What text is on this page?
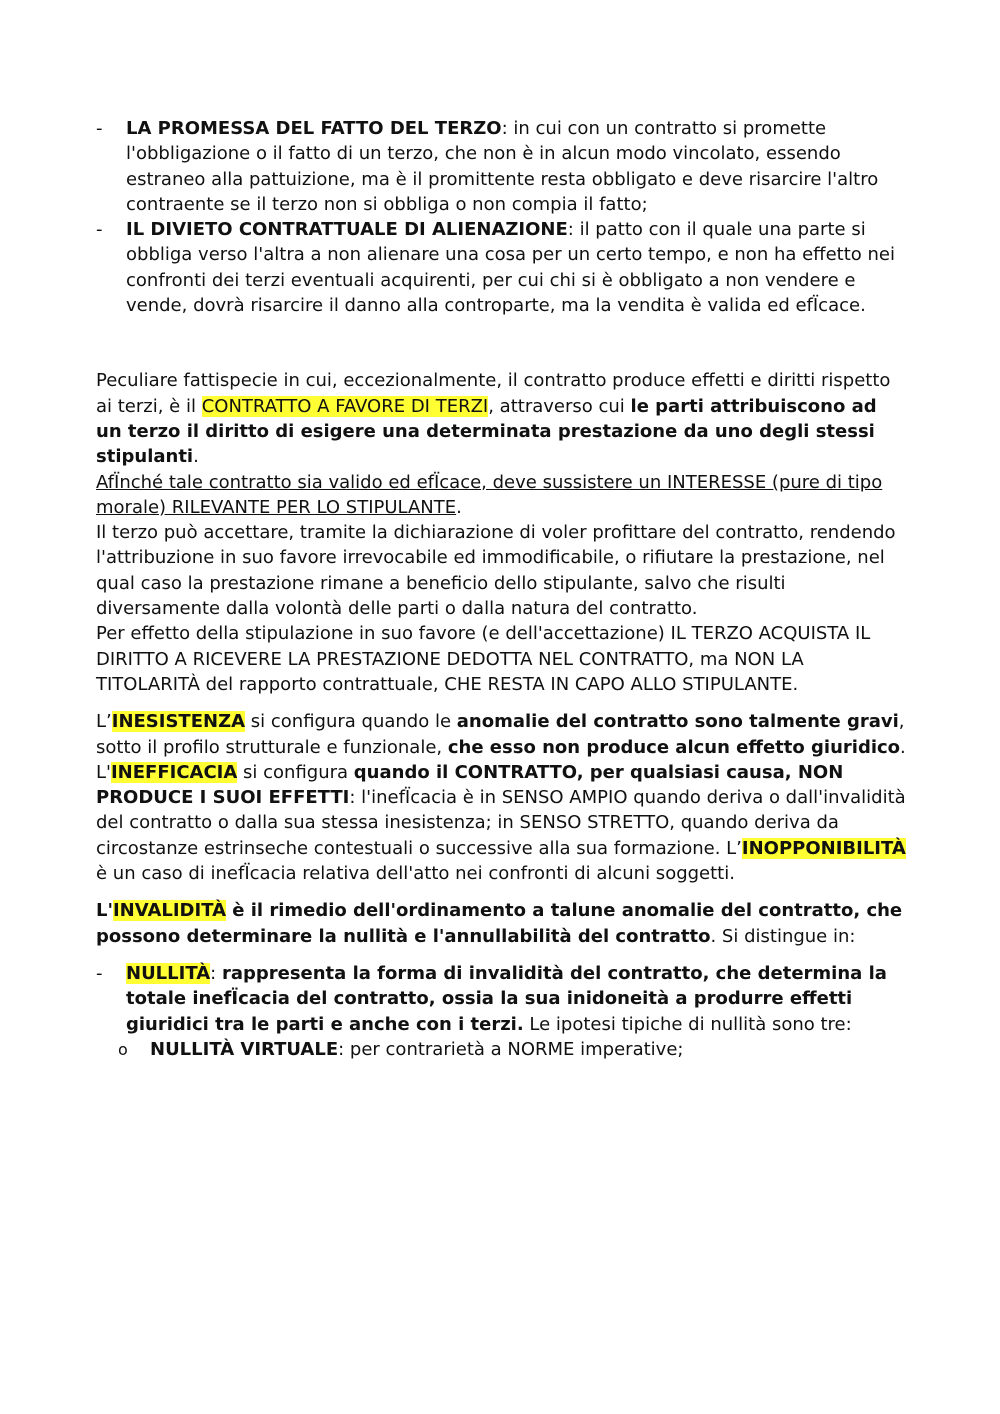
- LA PROMESSA DEL FATTO DEL TERZO: in cui con un contratto si promette l'obbligazione o il fatto di un terzo, che non è in alcun modo vincolato, essendo estraneo alla pattuizione, ma è il promittente resta obbligato e deve risarcire l'altro contraente se il terzo non si obbliga o non compia il fatto;
- IL DIVIETO CONTRATTUALE DI ALIENAZIONE: il patto con il quale una parte si obbliga verso l'altra a non alienare una cosa per un certo tempo, e non ha effetto nei confronti dei terzi eventuali acquirenti, per cui chi si è obbligato a non vendere e vende, dovrà risarcire il danno alla controparte, ma la vendita è valida ed efÏcace.

Peculiare fattispecie in cui, eccezionalmente, il contratto produce effetti e diritti rispetto ai terzi, è il CONTRATTO A FAVORE DI TERZI, attraverso cui le parti attribuiscono ad un terzo il diritto di esigere una determinata prestazione da uno degli stessi stipulanti.

AfÏnché tale contratto sia valido ed efÏcace, deve sussistere un INTERESSE (pure di tipo morale) RILEVANTE PER LO STIPULANTE.

Il terzo può accettare, tramite la dichiarazione di voler profittare del contratto, rendendo l'attribuzione in suo favore irrevocabile ed immodificabile, o rifiutare la prestazione, nel qual caso la prestazione rimane a beneficio dello stipulante, salvo che risulti diversamente dalla volontà delle parti o dalla natura del contratto.

Per effetto della stipulazione in suo favore (e dell'accettazione) IL TERZO ACQUISTA IL DIRITTO A RICEVERE LA PRESTAZIONE DEDOTTA NEL CONTRATTO, ma NON LA TITOLARITÀ del rapporto contrattuale, CHE RESTA IN CAPO ALLO STIPULANTE.

L’INESISTENZA si configura quando le anomalie del contratto sono talmente gravi, sotto il profilo strutturale e funzionale, che esso non produce alcun effetto giuridico.

L'INEFFICACIA si configura quando il CONTRATTO, per qualsiasi causa, NON PRODUCE I SUOI EFFETTI: l'inefÏcacia è in SENSO AMPIO quando deriva o dall'invalidità del contratto o dalla sua stessa inesistenza; in SENSO STRETTO, quando deriva da circostanze estrinseche contestuali o successive alla sua formazione. L’INOPPONIBILITÀ è un caso di inefÏcacia relativa dell'atto nei confronti di alcuni soggetti.

L'INVALIDITÀ è il rimedio dell'ordinamento a talune anomalie del contratto, che possono determinare la nullità e l'annullabilità del contratto. Si distingue in:

- NULLITÀ: rappresenta la forma di invalidità del contratto, che determina la totale inefÏcacia del contratto, ossia la sua inidoneità a produrre effetti giuridici tra le parti e anche con i terzi. Le ipotesi tipiche di nullità sono tre:
o NULLITÀ VIRTUALE: per contrarietà a NORME imperative;
